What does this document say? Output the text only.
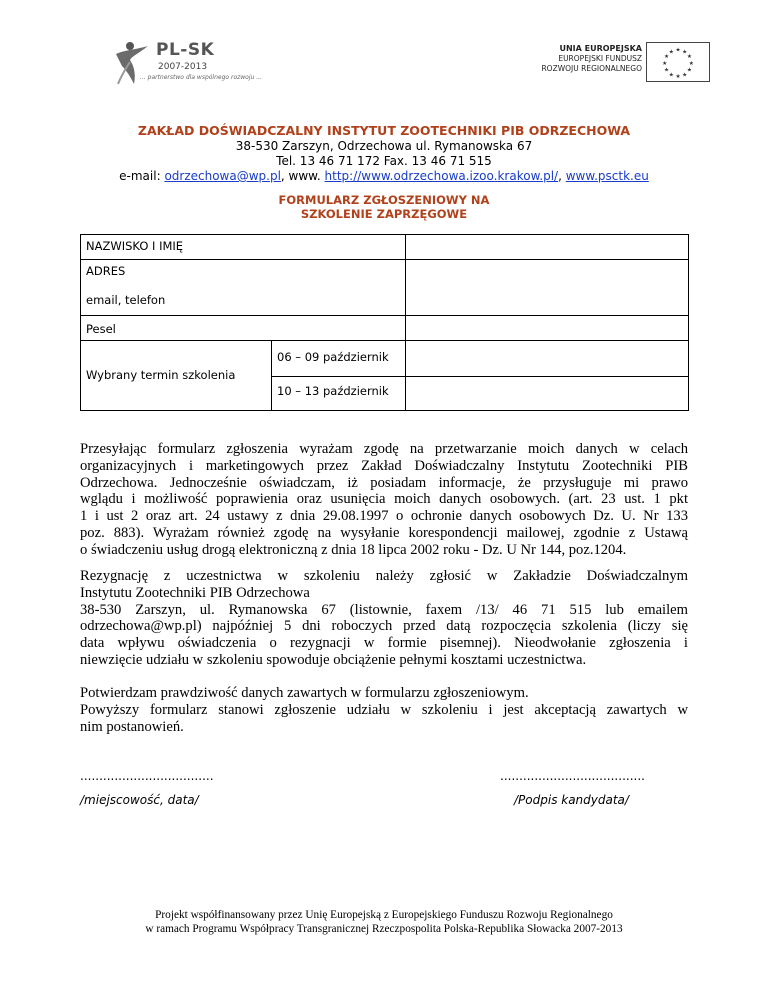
PL-SK
2007-2013
... partnerstwo dla wspólnego rozwoju ...
UNIA EUROPEJSKA
EUROPEJSKI FUNDUSZ
ROZWOJU REGIONALNEGO
★ ★
★
★
★
★
★
★
★
★
★
★
ZAKŁAD DOŚWIADCZALNY INSTYTUT ZOOTECHNIKI PIB ODRZECHOWA
38-530 Zarszyn, Odrzechowa ul. Rymanowska 67
Tel. 13 46 71 172 Fax. 13 46 71 515
e-mail: odrzechowa@wp.pl, www. http://www.odrzechowa.izoo.krakow.pl/, www.psctk.eu
FORMULARZ ZGŁOSZENIOWY NA
SZKOLENIE ZAPRZĘGOWE
NAZWISKO I IMIĘ
ADRES
email, telefon
Pesel
Wybrany termin szkolenia
06 – 09 październik
10 – 13 październik
Przesyłając formularz zgłoszenia wyrażam zgodę na przetwarzanie moich danych w celach
organizacyjnych i marketingowych przez Zakład Doświadczalny Instytutu Zootechniki PIB
Odrzechowa. Jednocześnie oświadczam, iż posiadam informacje, że przysługuje mi prawo
wglądu i możliwość poprawienia oraz usunięcia moich danych osobowych. (art. 23 ust. 1 pkt
1 i ust 2 oraz art. 24 ustawy z dnia 29.08.1997 o ochronie danych osobowych Dz. U. Nr 133
poz. 883). Wyrażam również zgodę na wysyłanie korespondencji mailowej, zgodnie z Ustawą
o świadczeniu usług drogą elektroniczną z dnia 18 lipca 2002 roku - Dz. U Nr 144, poz.1204.
Rezygnację z uczestnictwa w szkoleniu należy zgłosić w Zakładzie Doświadczalnym
Instytutu Zootechniki PIB Odrzechowa
38-530 Zarszyn, ul. Rymanowska 67 (listownie, faxem /13/ 46 71 515 lub emailem
odrzechowa@wp.pl) najpóźniej 5 dni roboczych przed datą rozpoczęcia szkolenia (liczy się
data wpływu oświadczenia o rezygnacji w formie pisemnej). Nieodwołanie zgłoszenia i
niewzięcie udziału w szkoleniu spowoduje obciążenie pełnymi kosztami uczestnictwa.
Potwierdzam prawdziwość danych zawartych w formularzu zgłoszeniowym.
Powyższy formularz stanowi zgłoszenie udziału w szkoleniu i jest akceptacją zawartych w
nim postanowień.
...................................	......................................
/miejscowość, data/	/Podpis kandydata/
Projekt współfinansowany przez Unię Europejską z Europejskiego Funduszu Rozwoju Regionalnego
w ramach Programu Współpracy Transgranicznej Rzeczpospolita Polska-Republika Słowacka 2007-2013
